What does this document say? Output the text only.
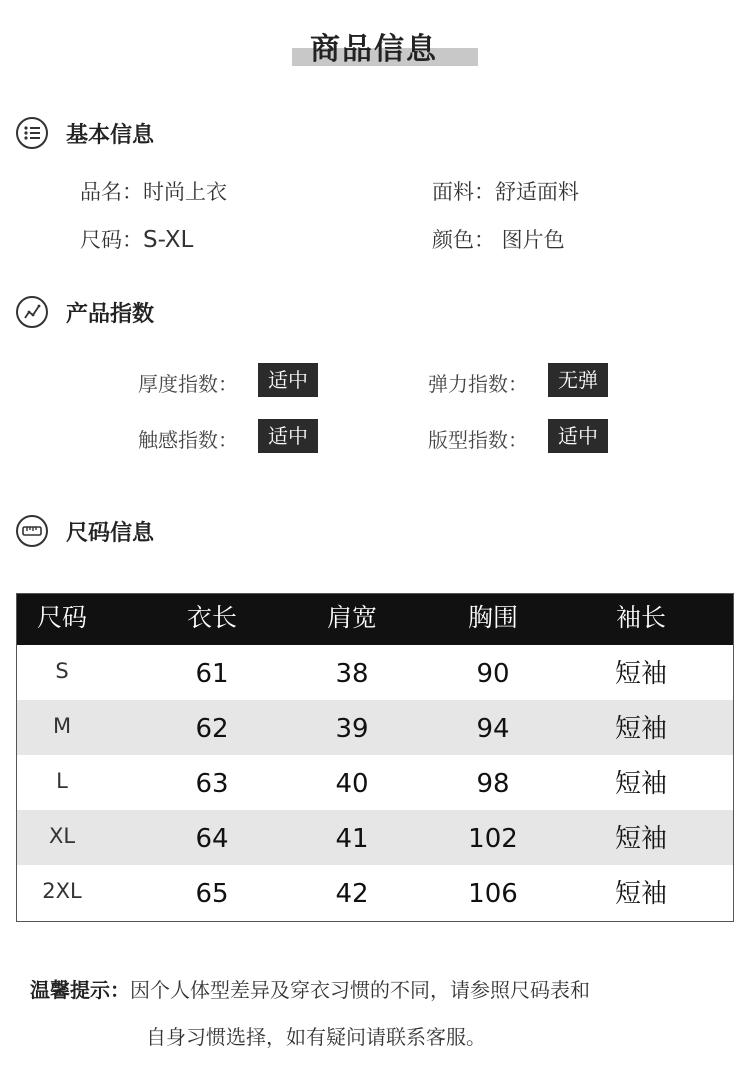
商品信息
基本信息
品名：时尚上衣	面料：舒适面料
尺码：S-XL	颜色： 图片色
产品指数
厚度指数：	适中	弹力指数：	无弹
触感指数：	适中	版型指数：	适中
尺码信息
尺码	衣长	肩宽	胸围	袖长
S	61	38	90	短袖
M	62	39	94	短袖
L	63	40	98	短袖
XL	64	41	102	短袖
2XL	65	42	106	短袖
温馨提示：因个人体型差异及穿衣习惯的不同，请参照尺码表和
自身习惯选择，如有疑问请联系客服。
